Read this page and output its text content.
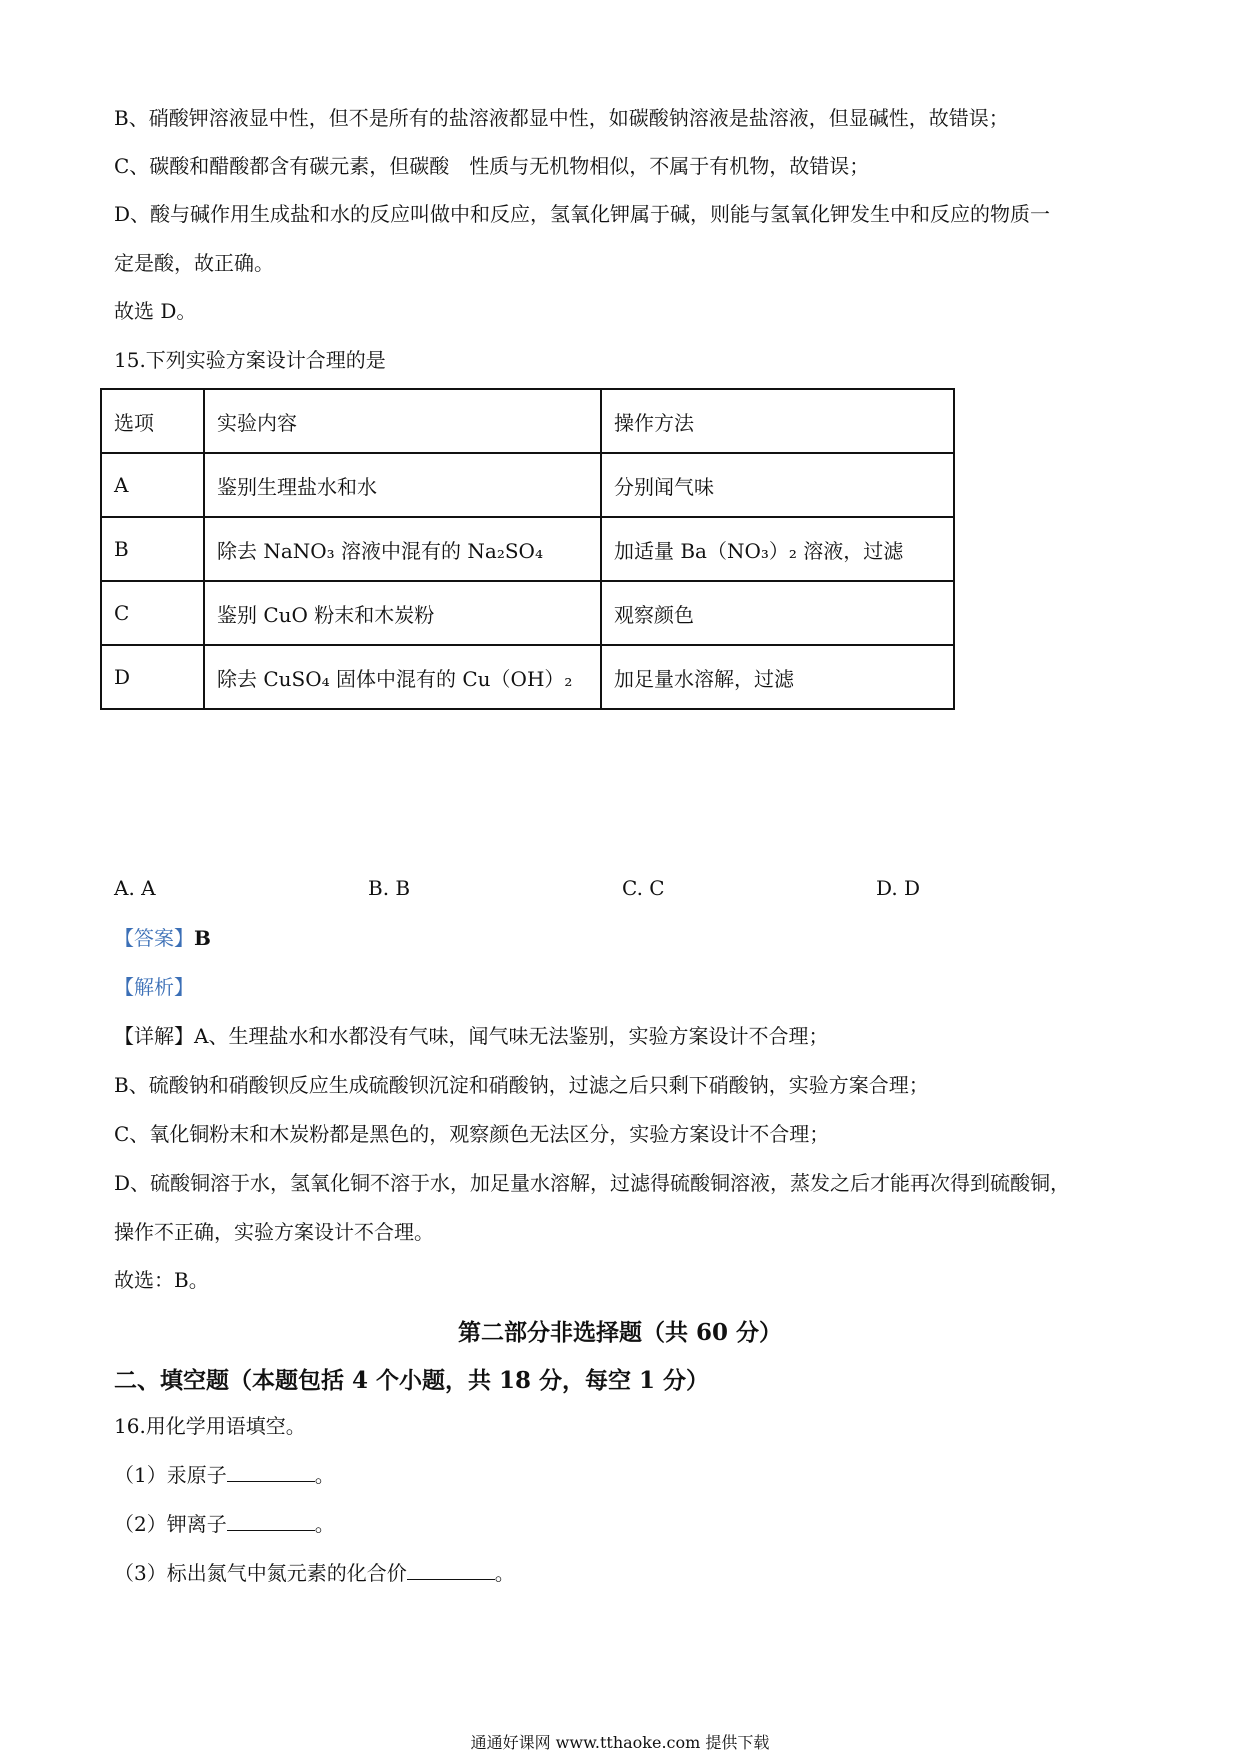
B、硝酸钾溶液显中性，但不是所有的盐溶液都显中性，如碳酸钠溶液是盐溶液，但显碱性，故错误；
C、碳酸和醋酸都含有碳元素，但碳酸　性质与无机物相似，不属于有机物，故错误；
D、酸与碱作用生成盐和水的反应叫做中和反应，氢氧化钾属于碱，则能与氢氧化钾发生中和反应的物质一
定是酸，故正确。
故选 D。
15.下列实验方案设计合理的是
选项	实验内容	操作方法
A	鉴别生理盐水和水	分别闻气味
B	除去 NaNO₃ 溶液中混有的 Na₂SO₄	加适量 Ba（NO₃）₂ 溶液，过滤
C	鉴别 CuO 粉末和木炭粉	观察颜色
D	除去 CuSO₄ 固体中混有的 Cu（OH）₂	加足量水溶解，过滤
A. A	B. B	C. C	D. D
【答案】B
【解析】
【详解】A、生理盐水和水都没有气味，闻气味无法鉴别，实验方案设计不合理；
B、硫酸钠和硝酸钡反应生成硫酸钡沉淀和硝酸钠，过滤之后只剩下硝酸钠，实验方案合理；
C、氧化铜粉末和木炭粉都是黑色的，观察颜色无法区分，实验方案设计不合理；
D、硫酸铜溶于水，氢氧化铜不溶于水，加足量水溶解，过滤得硫酸铜溶液，蒸发之后才能再次得到硫酸铜，
操作不正确，实验方案设计不合理。
故选：B。
第二部分非选择题（共 60 分）
二、填空题（本题包括 4 个小题，共 18 分，每空 1 分）
16.用化学用语填空。
（1）汞原子	。
（2）钾离子	。
（3）标出氮气中氮元素的化合价	。
通通好课网 www.tthaoke.com 提供下载
